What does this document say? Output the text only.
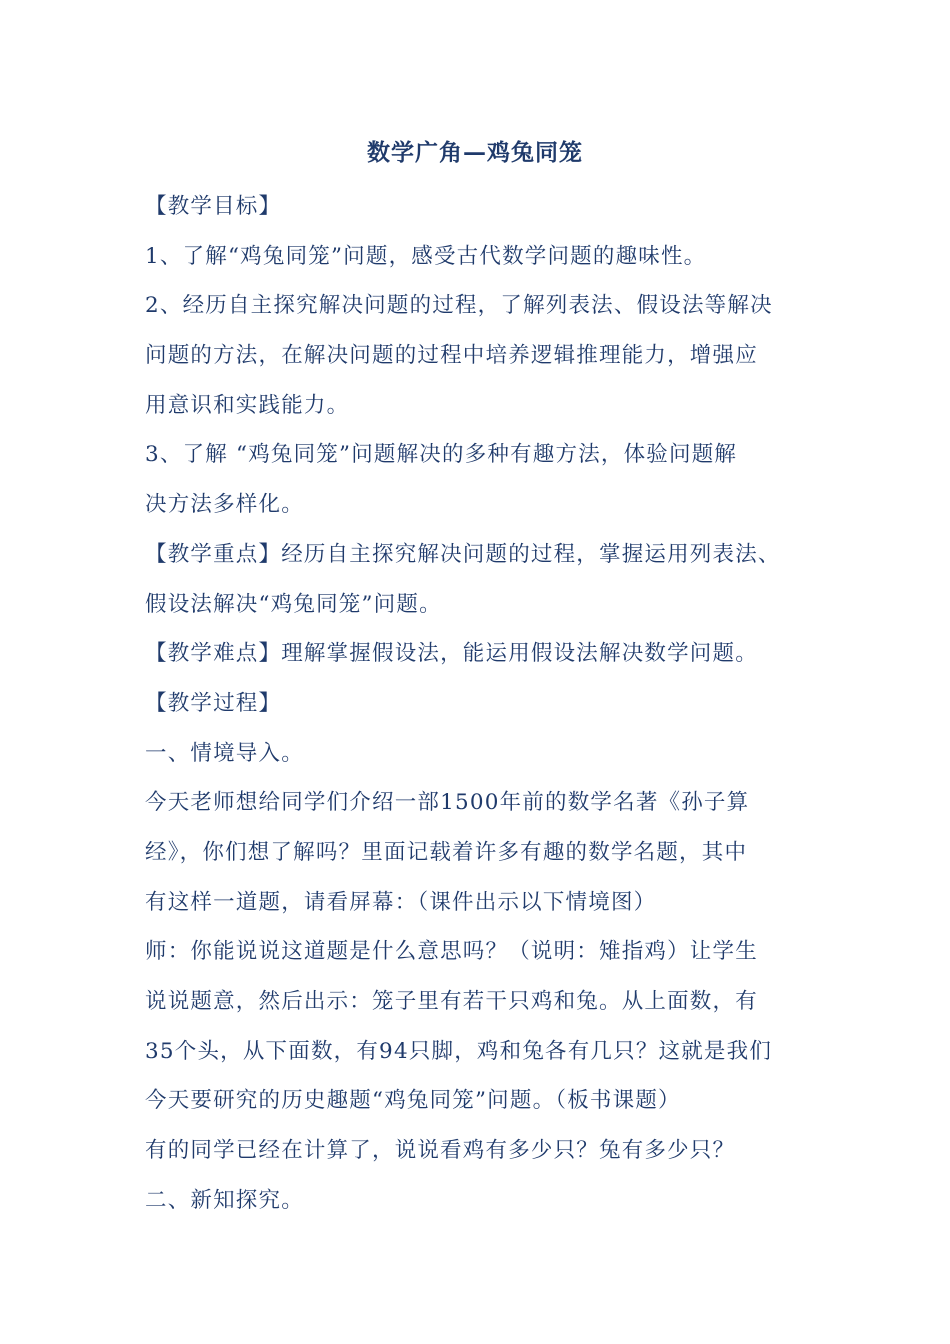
数学广角—鸡兔同笼
【教学目标】
1、了解“鸡兔同笼”问题，感受古代数学问题的趣味性。
2、经历自主探究解决问题的过程，了解列表法、假设法等解决
问题的方法，在解决问题的过程中培养逻辑推理能力，增强应
用意识和实践能力。
3、了解 “鸡兔同笼”问题解决的多种有趣方法，体验问题解
决方法多样化。
【教学重点】经历自主探究解决问题的过程，掌握运用列表法、
假设法解决“鸡兔同笼”问题。
【教学难点】理解掌握假设法，能运用假设法解决数学问题。
【教学过程】
一、情境导入。
今天老师想给同学们介绍一部1500年前的数学名著《孙子算
经》，你们想了解吗？里面记载着许多有趣的数学名题，其中
有这样一道题，请看屏幕：（课件出示以下情境图）
师：你能说说这道题是什么意思吗？（说明：雉指鸡）让学生
说说题意，然后出示：笼子里有若干只鸡和兔。从上面数，有
35个头，从下面数，有94只脚，鸡和兔各有几只？这就是我们
今天要研究的历史趣题“鸡兔同笼”问题。（板书课题）
有的同学已经在计算了，说说看鸡有多少只？兔有多少只？
二、新知探究。
